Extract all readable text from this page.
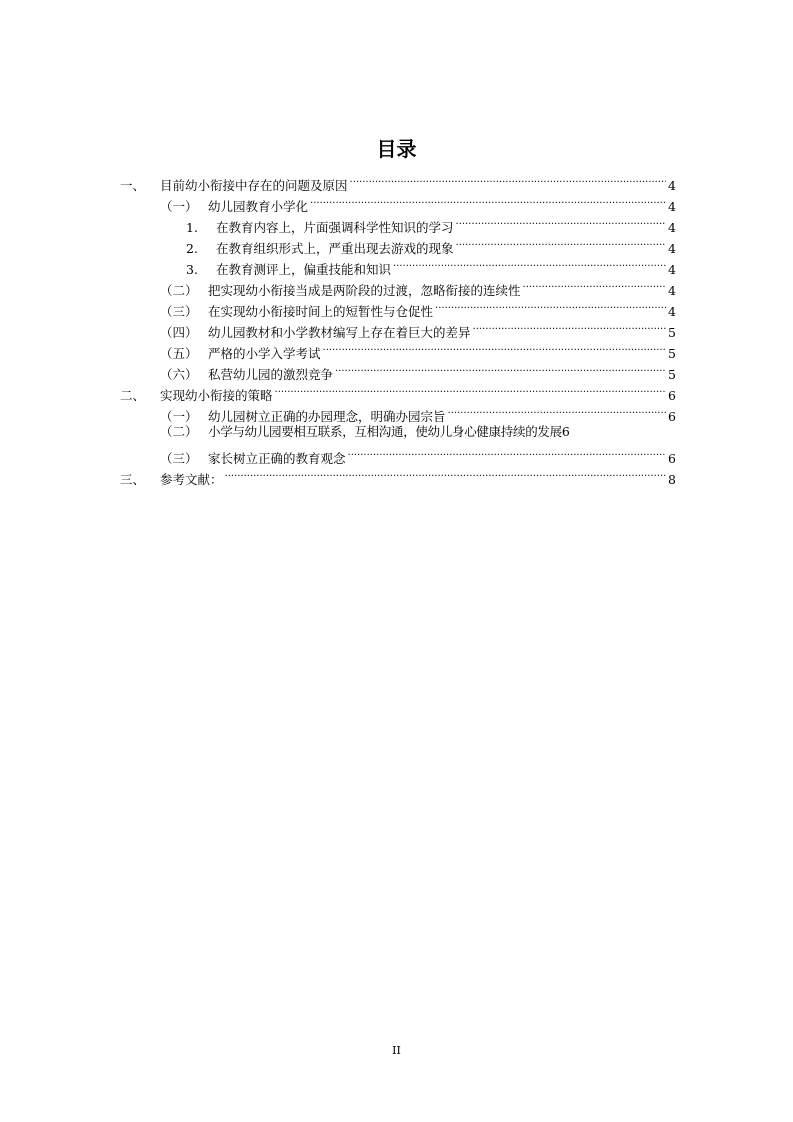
目录
一、	目前幼小衔接中存在的问题及原因 .....	4
（一） 幼儿园教育小学化 .....	4
1.	在教育内容上，片面强调科学性知识的学习 .....	4
2.	在教育组织形式上，严重出现去游戏的现象 .....	4
3.	在教育测评上，偏重技能和知识 .....	4
（二） 把实现幼小衔接当成是两阶段的过渡，忽略衔接的连续性 .....	4
（三） 在实现幼小衔接时间上的短暂性与仓促性 .....	4
（四） 幼儿园教材和小学教材编写上存在着巨大的差异 .....	5
（五） 严格的小学入学考试 .....	5
（六） 私营幼儿园的激烈竞争 .....	5
二、	实现幼小衔接的策略 .....	6
（一） 幼儿园树立正确的办园理念，明确办园宗旨 .....	6
（二） 小学与幼儿园要相互联系，互相沟通，使幼儿身心健康持续的发展 6
（三） 家长树立正确的教育观念 .....	6
三、	参考文献： .....	8
II
